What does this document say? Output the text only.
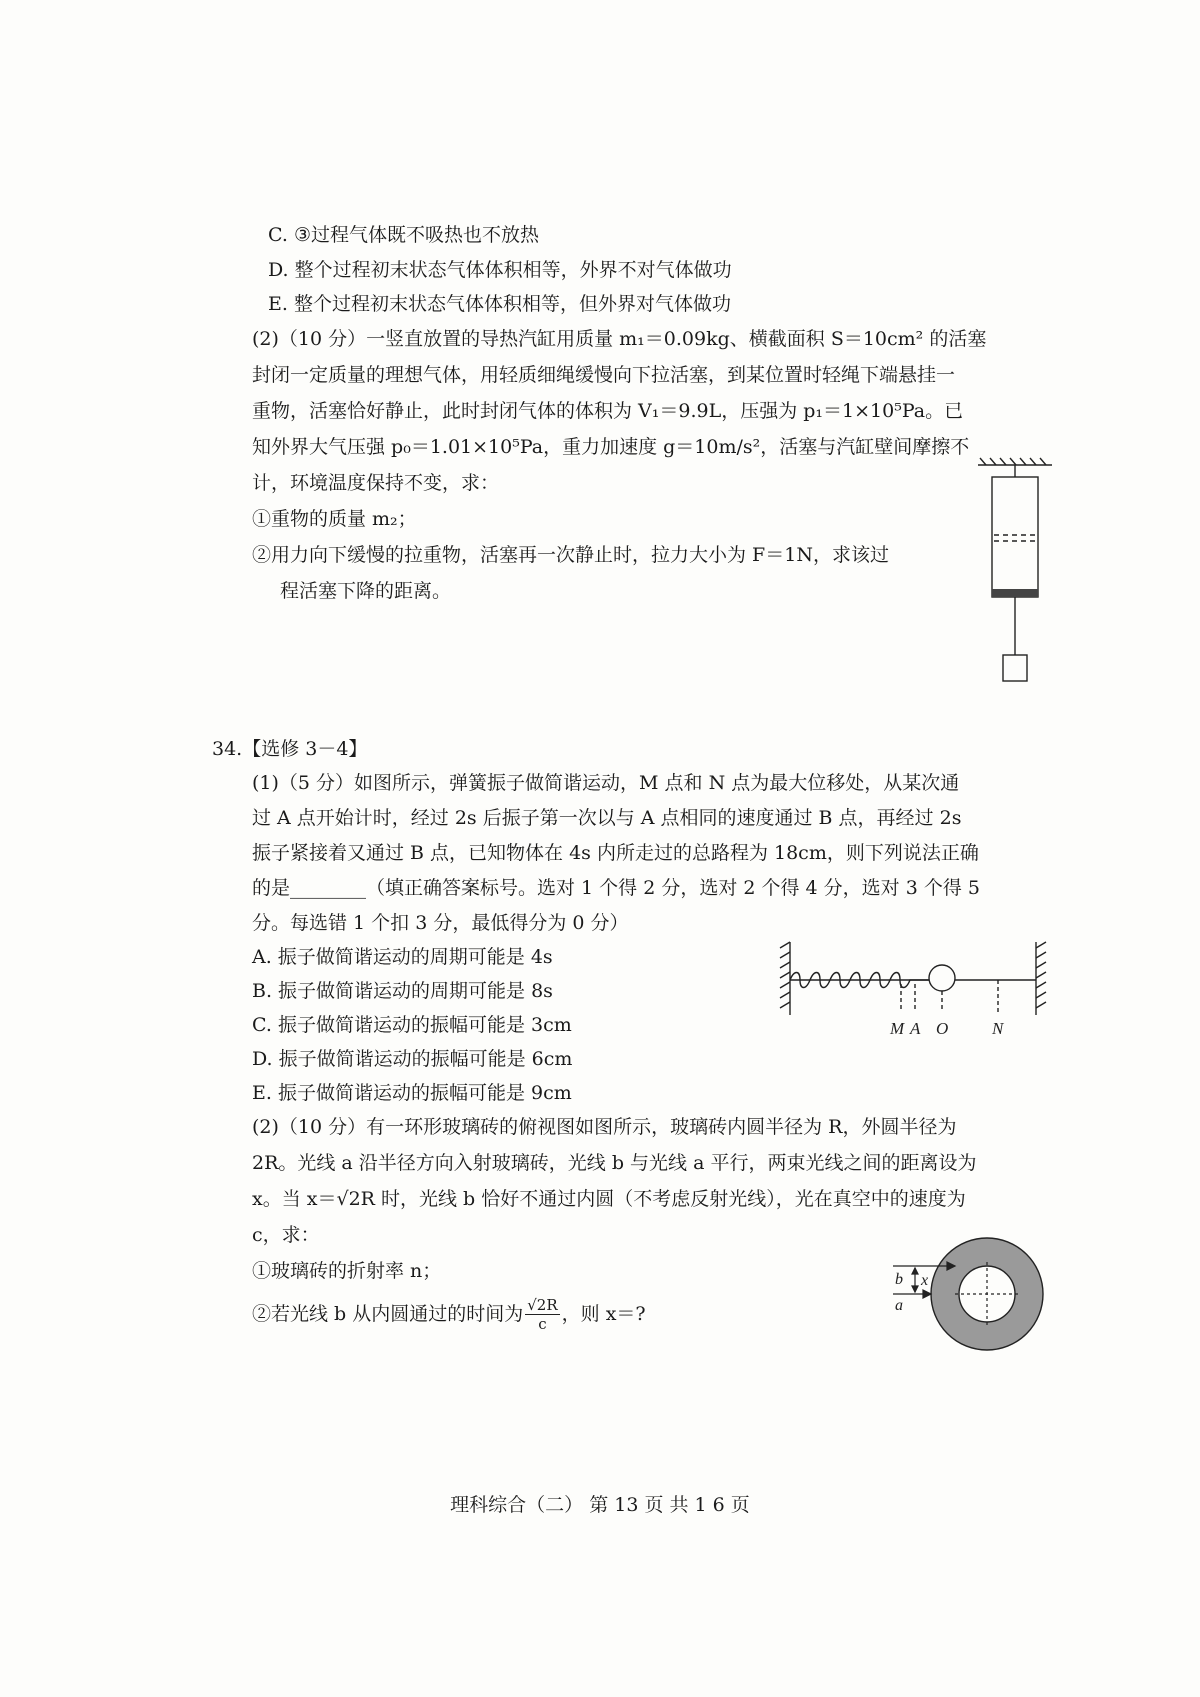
C. ③过程气体既不吸热也不放热
D. 整个过程初末状态气体体积相等，外界不对气体做功
E. 整个过程初末状态气体体积相等，但外界对气体做功
(2)（10 分）一竖直放置的导热汽缸用质量 m₁＝0.09kg、横截面积 S＝10cm² 的活塞
封闭一定质量的理想气体，用轻质细绳缓慢向下拉活塞，到某位置时轻绳下端悬挂一
重物，活塞恰好静止，此时封闭气体的体积为 V₁＝9.9L，压强为 p₁＝1×10⁵Pa。已
知外界大气压强 p₀＝1.01×10⁵Pa，重力加速度 g＝10m/s²，活塞与汽缸壁间摩擦不
计，环境温度保持不变，求：
①重物的质量 m₂；
②用力向下缓慢的拉重物，活塞再一次静止时，拉力大小为 F＝1N，求该过
程活塞下降的距离。
34.【选修 3－4】
(1)（5 分）如图所示，弹簧振子做简谐运动，M 点和 N 点为最大位移处，从某次通
过 A 点开始计时，经过 2s 后振子第一次以与 A 点相同的速度通过 B 点，再经过 2s
振子紧接着又通过 B 点，已知物体在 4s 内所走过的总路程为 18cm，则下列说法正确
的是________（填正确答案标号。选对 1 个得 2 分，选对 2 个得 4 分，选对 3 个得 5
分。每选错 1 个扣 3 分，最低得分为 0 分）
A. 振子做简谐运动的周期可能是 4s
B. 振子做简谐运动的周期可能是 8s
C. 振子做简谐运动的振幅可能是 3cm
D. 振子做简谐运动的振幅可能是 6cm
E. 振子做简谐运动的振幅可能是 9cm
M A O	N
(2)（10 分）有一环形玻璃砖的俯视图如图所示，玻璃砖内圆半径为 R，外圆半径为
2R。光线 a 沿半径方向入射玻璃砖，光线 b 与光线 a 平行，两束光线之间的距离设为
x。当 x＝√2R 时，光线 b 恰好不通过内圆（不考虑反射光线），光在真空中的速度为
c，求：
①玻璃砖的折射率 n；
②若光线 b 从内圆通过的时间为 $\frac{√2R}{c}$ ，则 x＝?
b x
a
理科综合（二） 第 13 页 共 1 6 页
